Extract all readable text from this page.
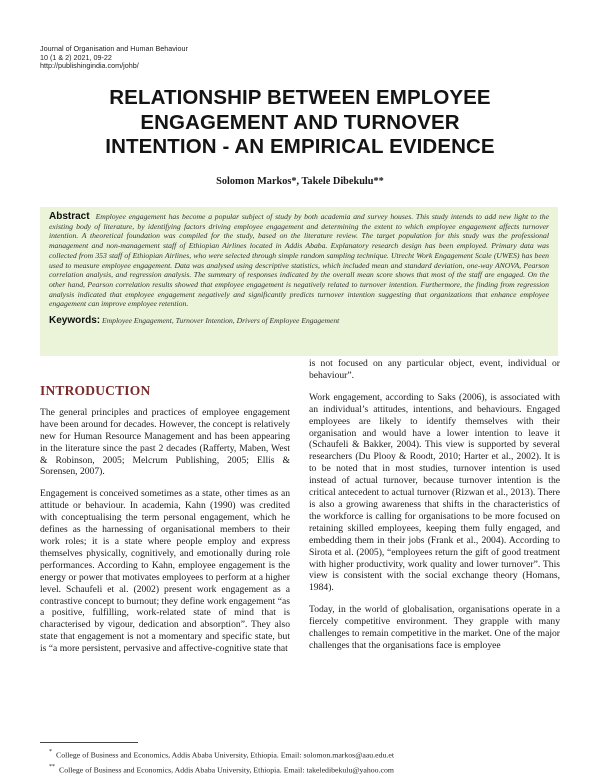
Journal of Organisation and Human Behaviour
10 (1 & 2) 2021, 09-22
http://publishingindia.com/johb/
RELATIONSHIP BETWEEN EMPLOYEE
ENGAGEMENT AND TURNOVER
INTENTION - AN EMPIRICAL EVIDENCE
Solomon Markos*, Takele Dibekulu**
Abstract Employee engagement has become a popular subject of study by both academia and survey houses. This study intends to add new light to the existing body of literature, by identifying factors driving employee engagement and determining the extent to which employee engagement affects turnover intention. A theoretical foundation was compiled for the study, based on the literature review. The target population for this study was the professional management and non-management staff of Ethiopian Airlines located in Addis Ababa. Explanatory research design has been employed. Primary data was collected from 353 staff of Ethiopian Airlines, who were selected through simple random sampling technique. Utrecht Work Engagement Scale (UWES) has been used to measure employee engagement. Data was analysed using descriptive statistics, which included mean and standard deviation, one-way ANOVA, Pearson correlation analysis, and regression analysis. The summary of responses indicated by the overall mean score shows that most of the staff are engaged. On the other hand, Pearson correlation results showed that employee engagement is negatively related to turnover intention. Furthermore, the finding from regression analysis indicated that employee engagement negatively and significantly predicts turnover intention suggesting that organizations that enhance employee engagement can improve employee retention.
Keywords: Employee Engagement, Turnover Intention, Drivers of Employee Engagement
INTRODUCTION

The general principles and practices of employee engagement have been around for decades. However, the concept is relatively new for Human Resource Management and has been appearing in the literature since the past 2 decades (Rafferty, Maben, West & Robinson, 2005; Melcrum Publishing, 2005; Ellis & Sorensen, 2007).

Engagement is conceived sometimes as a state, other times as an attitude or behaviour. In academia, Kahn (1990) was credited with conceptualising the term personal engagement, which he defines as the harnessing of organisational members to their work roles; it is a state where people employ and express themselves physically, cognitively, and emotionally during role performances. According to Kahn, employee engagement is the energy or power that motivates employees to perform at a higher level. Schaufeli et al. (2002) present work engagement as a contrastive concept to burnout; they define work engagement “as a positive, fulfilling, work-related state of mind that is characterised by vigour, dedication and absorption”. They also state that engagement is not a momentary and specific state, but is “a more persistent, pervasive and affective-cognitive state that

is not focused on any particular object, event, individual or behaviour”.

Work engagement, according to Saks (2006), is associated with an individual’s attitudes, intentions, and behaviours. Engaged employees are likely to identify themselves with their organisation and would have a lower intention to leave it (Schaufeli & Bakker, 2004). This view is supported by several researchers (Du Plooy & Roodt, 2010; Harter et al., 2002). It is to be noted that in most studies, turnover intention is used instead of actual turnover, because turnover intention is the critical antecedent to actual turnover (Rizwan et al., 2013). There is also a growing awareness that shifts in the characteristics of the workforce is calling for organisations to be more focused on retaining skilled employees, keeping them fully engaged, and embedding them in their jobs (Frank et al., 2004). According to Sirota et al. (2005), “employees return the gift of good treatment with higher productivity, work quality and lower turnover”. This view is consistent with the social exchange theory (Homans, 1984).

Today, in the world of globalisation, organisations operate in a fiercely competitive environment. They grapple with many challenges to remain competitive in the market. One of the major challenges that the organisations face is employee

* College of Business and Economics, Addis Ababa University, Ethiopia. Email: solomon.markos@aau.edu.et
** College of Business and Economics, Addis Ababa University, Ethiopia. Email: takeledibekulu@yahoo.com
